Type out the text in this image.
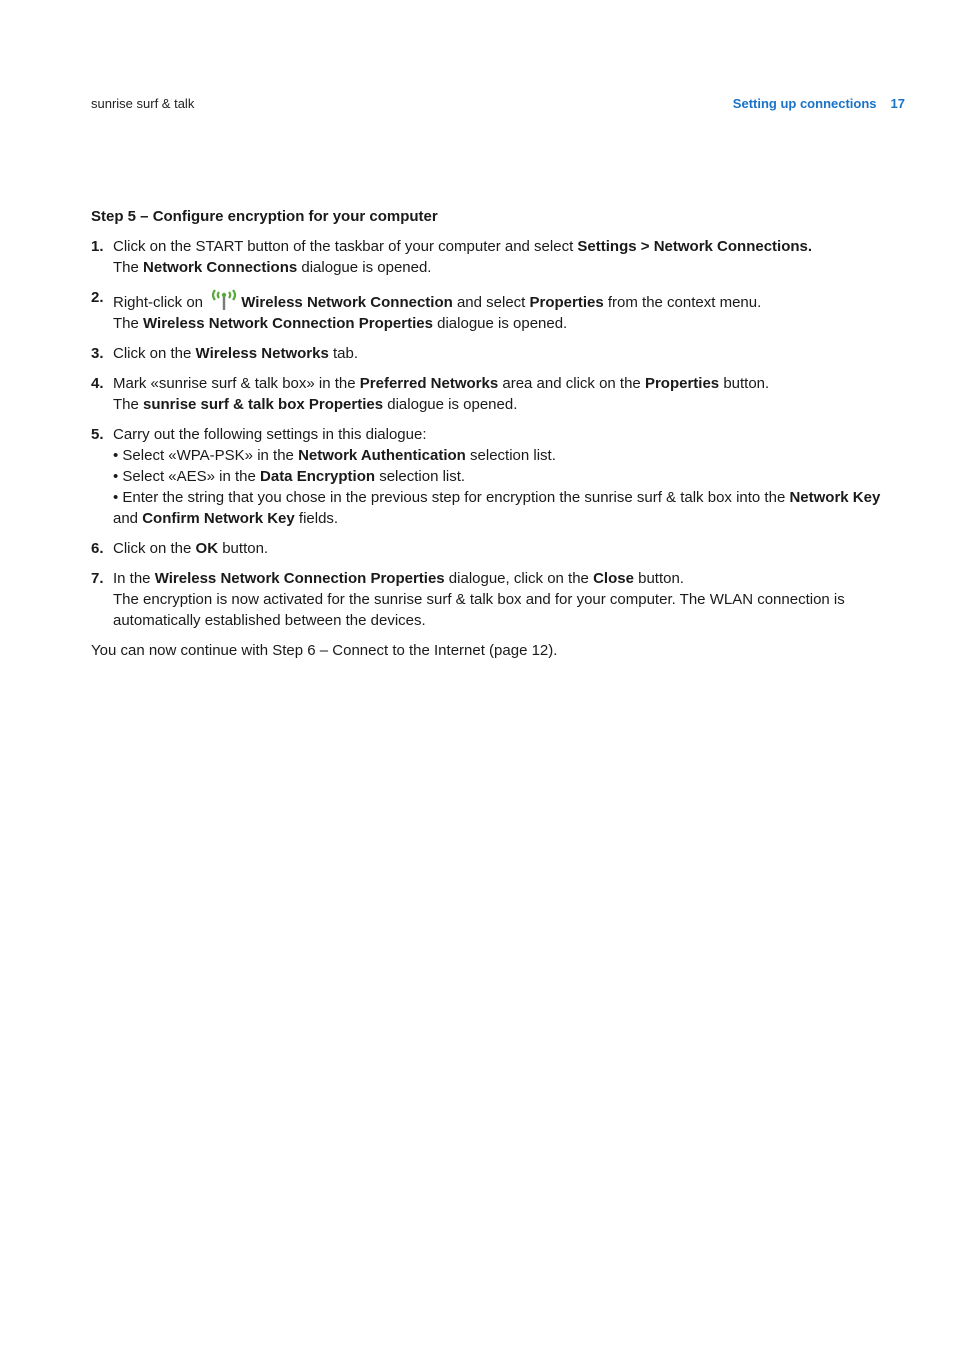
sunrise surf & talk	Setting up connections 17
Step 5 – Configure encryption for your computer
1. Click on the START button of the taskbar of your computer and select Settings > Network Connections.
The Network Connections dialogue is opened.
2. Right-click on Wireless Network Connection and select Properties from the context menu.
The Wireless Network Connection Properties dialogue is opened.
3. Click on the Wireless Networks tab.
4. Mark «sunrise surf & talk box» in the Preferred Networks area and click on the Properties button.
The sunrise surf & talk box Properties dialogue is opened.
5. Carry out the following settings in this dialogue:
• Select «WPA-PSK» in the Network Authentication selection list.
• Select «AES» in the Data Encryption selection list.
• Enter the string that you chose in the previous step for encryption the sunrise surf & talk box into the Network Key and Confirm Network Key fields.
6. Click on the OK button.
7. In the Wireless Network Connection Properties dialogue, click on the Close button.
The encryption is now activated for the sunrise surf & talk box and for your computer. The WLAN connection is automatically established between the devices.
You can now continue with Step 6 – Connect to the Internet (page 12).
